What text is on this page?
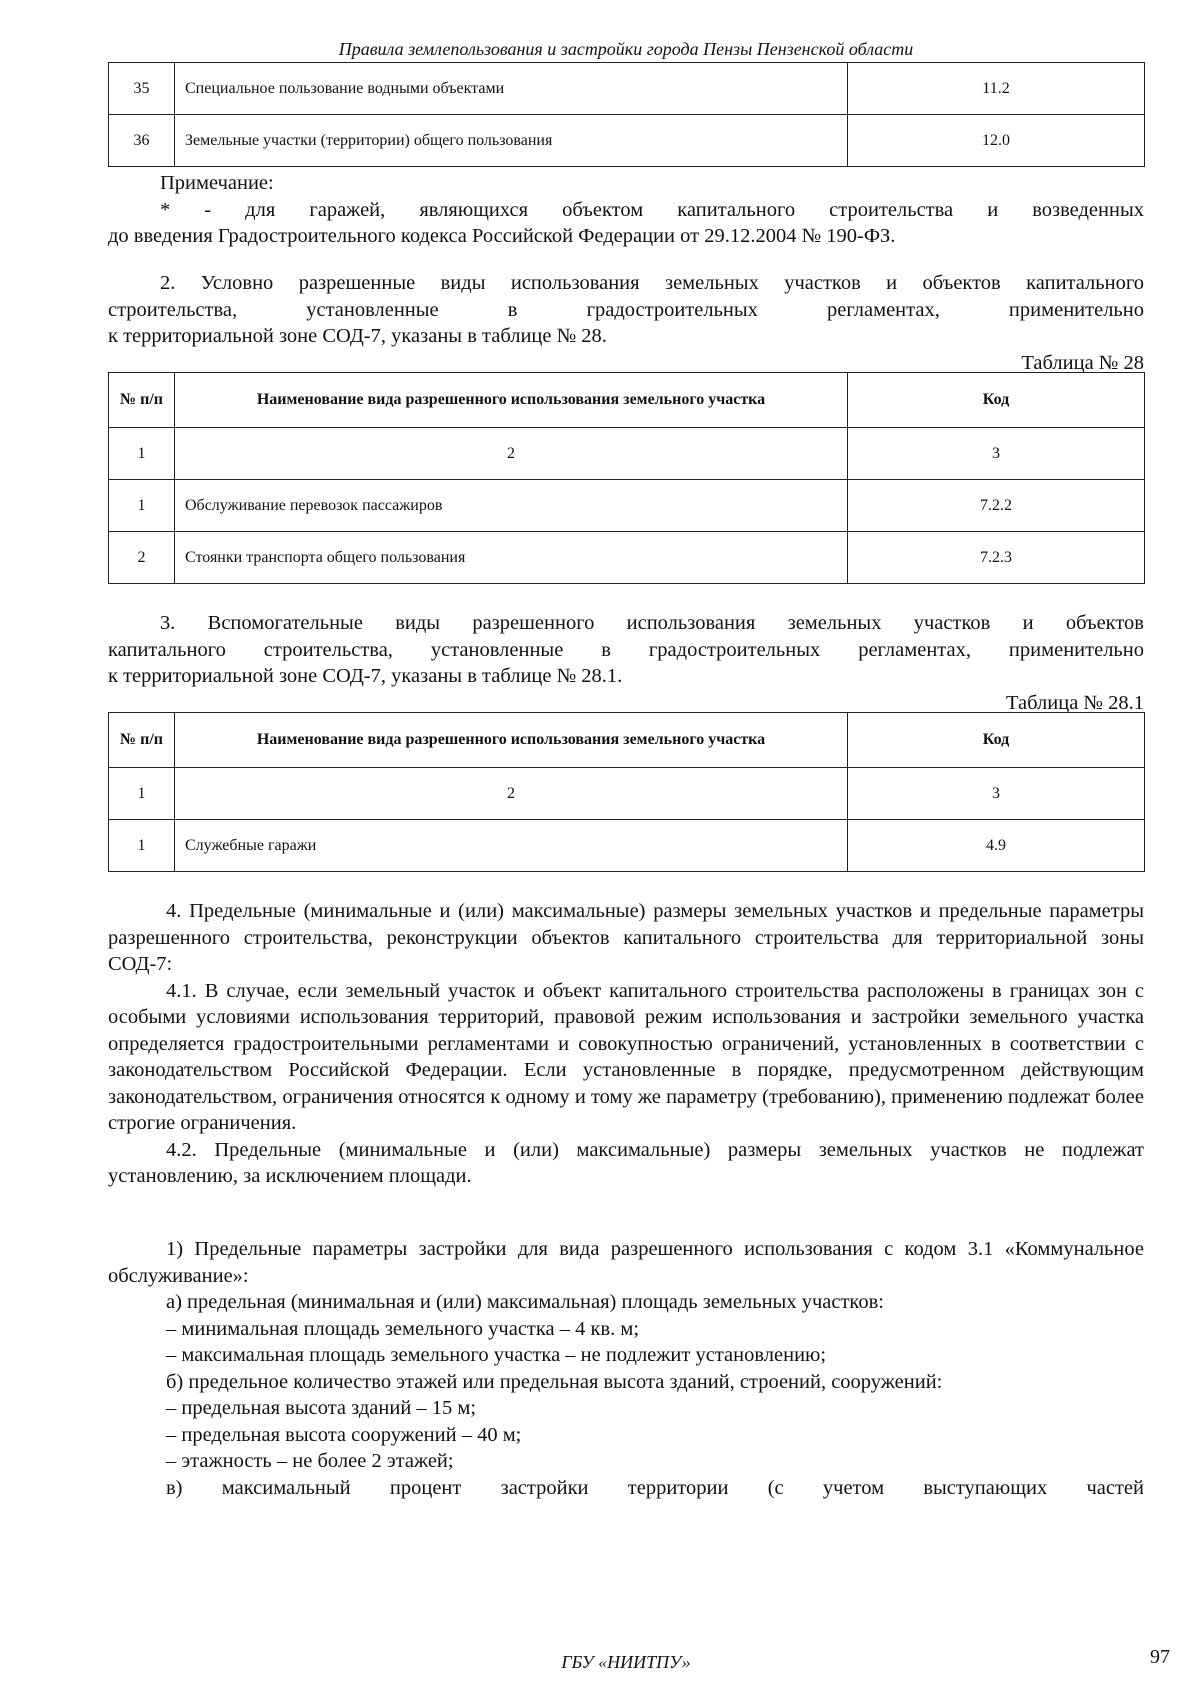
Правила землепользования и застройки города Пензы Пензенской области
35	Специальное пользование водными объектами	11.2
36	Земельные участки (территории) общего пользования	12.0

Примечание:

* - для гаражей, являющихся объектом капитального строительства и возведенных

до введения Градостроительного кодекса Российской Федерации от 29.12.2004 № 190-ФЗ.

2. Условно разрешенные виды использования земельных участков и объектов капитального

строительства, установленные в градостроительных регламентах, применительно

к территориальной зоне СОД-7, указаны в таблице № 28.

Таблица № 28

№ п/п	Наименование вида разрешенного использования земельного участка	Код
1	2	3
1	Обслуживание перевозок пассажиров	7.2.2
2	Стоянки транспорта общего пользования	7.2.3

3. Вспомогательные виды разрешенного использования земельных участков и объектов

капитального строительства, установленные в градостроительных регламентах, применительно

к территориальной зоне СОД-7, указаны в таблице № 28.1.

Таблица № 28.1

№ п/п	Наименование вида разрешенного использования земельного участка	Код
1	2	3
1	Служебные гаражи	4.9

4. Предельные (минимальные и (или) максимальные) размеры земельных участков и предельные параметры разрешенного строительства, реконструкции объектов капитального строительства для территориальной зоны СОД-7:

4.1. В случае, если земельный участок и объект капитального строительства расположены в границах зон с особыми условиями использования территорий, правовой режим использования и застройки земельного участка определяется градостроительными регламентами и совокупностью ограничений, установленных в соответствии с законодательством Российской Федерации. Если установленные в порядке, предусмотренном действующим законодательством, ограничения относятся к одному и тому же параметру (требованию), применению подлежат более строгие ограничения.

4.2. Предельные (минимальные и (или) максимальные) размеры земельных участков не подлежат установлению, за исключением площади.

1) Предельные параметры застройки для вида разрешенного использования с кодом 3.1 «Коммунальное обслуживание»:

а) предельная (минимальная и (или) максимальная) площадь земельных участков:

– минимальная площадь земельного участка – 4 кв. м;

– максимальная площадь земельного участка – не подлежит установлению;

б) предельное количество этажей или предельная высота зданий, строений, сооружений:

– предельная высота зданий – 15 м;

– предельная высота сооружений – 40 м;

– этажность – не более 2 этажей;

в) максимальный процент застройки территории (с учетом выступающих частей

ГБУ «НИИТПУ»	97
